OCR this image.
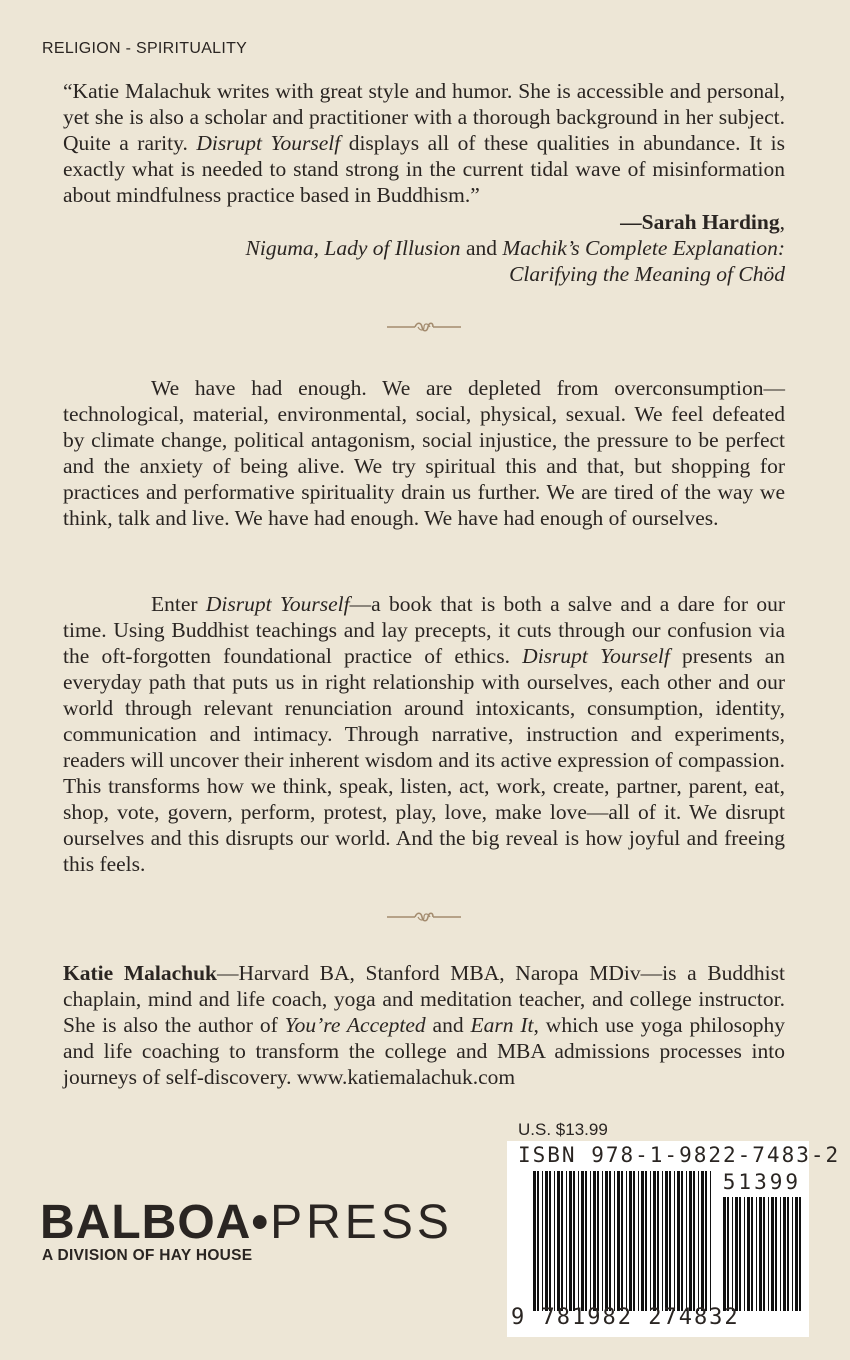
RELIGION - SPIRITUALITY

“Katie Malachuk writes with great style and humor. She is accessible and personal, yet she is also a scholar and practitioner with a thorough background in her subject. Quite a rarity. Disrupt Yourself displays all of these qualities in abundance. It is exactly what is needed to stand strong in the current tidal wave of misinformation about mindfulness practice based in Buddhism.”

—Sarah Harding,
Niguma, Lady of Illusion and Machik’s Complete Explanation:
Clarifying the Meaning of Chöd

We have had enough. We are depleted from overconsumption—technological, material, environmental, social, physical, sexual. We feel defeated by climate change, political antagonism, social injustice, the pressure to be perfect and the anxiety of being alive. We try spiritual this and that, but shopping for practices and performative spirituality drain us further. We are tired of the way we think, talk and live. We have had enough. We have had enough of ourselves.

Enter Disrupt Yourself—a book that is both a salve and a dare for our time. Using Buddhist teachings and lay precepts, it cuts through our confusion via the oft-forgotten foundational practice of ethics. Disrupt Yourself presents an everyday path that puts us in right relationship with ourselves, each other and our world through relevant renunciation around intoxicants, consumption, identity, communication and intimacy. Through narrative, instruction and experiments, readers will uncover their inherent wisdom and its active expression of compassion. This transforms how we think, speak, listen, act, work, create, partner, parent, eat, shop, vote, govern, perform, protest, play, love, make love—all of it. We disrupt ourselves and this disrupts our world. And the big reveal is how joyful and freeing this feels.

Katie Malachuk—Harvard BA, Stanford MBA, Naropa MDiv—is a Buddhist chaplain, mind and life coach, yoga and meditation teacher, and college instructor. She is also the author of You’re Accepted and Earn It, which use yoga philosophy and life coaching to transform the college and MBA admissions processes into journeys of self-discovery. www.katiemalachuk.com

U.S. $13.99
ISBN 978-1-9822-7483-2
51399
9 781982 274832
BALBOA•PRESS
A DIVISION OF HAY HOUSE
